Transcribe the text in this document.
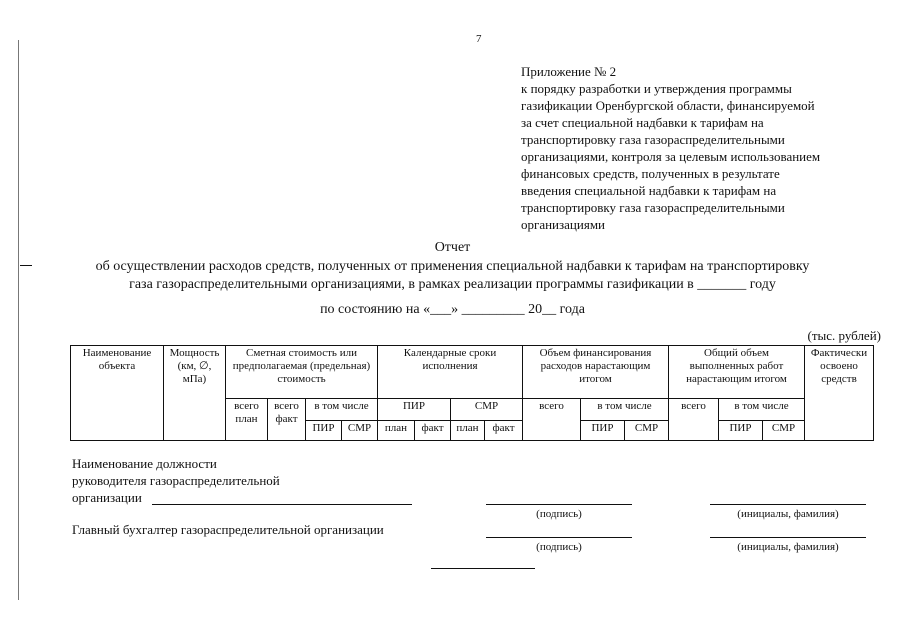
7
Приложение № 2
к порядку разработки и утверждения программы
газификации Оренбургской области, финансируемой
за счет специальной надбавки к тарифам на
транспортировку газа газораспределительными
организациями, контроля за целевым использованием
финансовых средств, полученных в результате
введения специальной надбавки к тарифам на
транспортировку газа газораспределительными
организациями
Отчет
об осуществлении расходов средств, полученных от применения специальной надбавки к тарифам на транспортировку
газа газораспределительными организациями, в рамках реализации программы газификации в _______ году
по состоянию на «___» _________ 20__ года
(тыс. рублей)
Наименование объекта	Мощность (км, ∅, мПа)	Сметная стоимость или предполагаемая (предельная) стоимость				Календарные сроки исполнения				Объем финансирования расходов нарастающим итогом			Общий объем выполненных работ нарастающим итогом			Фактически освоено средств
		всего план	всего факт	в том числе		ПИР		СМР		всего	в том числе		всего	в том числе		
				ПИР	СМР	план	факт	план	факт		ПИР	СМР		ПИР	СМР	
Наименование должности
руководителя газораспределительной
организации
(подпись)	(инициалы, фамилия)
Главный бухгалтер газораспределительной организации
(подпись)	(инициалы, фамилия)
